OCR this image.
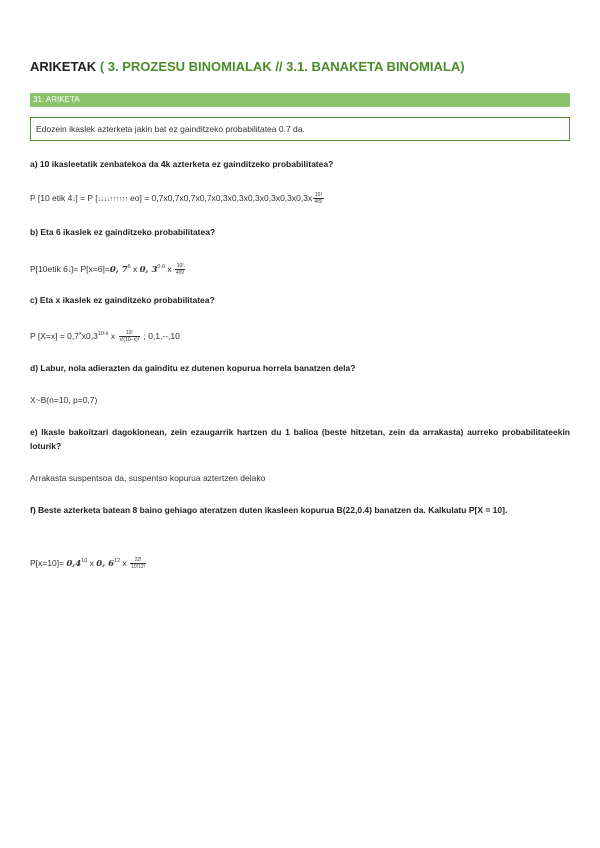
ARIKETAK ( 3. PROZESU BINOMIALAK // 3.1. BANAKETA BINOMIALA)
31. ARIKETA
Edozein ikaslek azterketa jakin bat ez gainditzeko probabilitatea 0.7 da.
a) 10 ikasleetatik zenbatekoa da 4k azterketa ez gainditzeko probabilitatea?
P [10 etik 4↓] = P [↓↓↓↓↑↑↑↑↑↑ $eo] = 0,7x0,7x0,7x0,7x0,3x0,3x0,3x0,3x0,3x0,3x \frac{10!}{4!6!}$
b) Eta 6 ikaslek ez gainditzeko probabilitatea?
P[10etik 6↓]= P[x=6]=0, $7^6$ x 0, 3$^{0,6}$ x $\frac{10!}{4!6!}$
c) Eta x ikaslek ez gainditzeko probabilitatea?
P $[X=x] = 0,7^xx0,3^{10-x}$ x $\frac{10!}{x!(10-x)!}$ ; 0,1,--,10
d) Labur, nola adierazten da gainditu ez dutenen kopurua horrela banatzen dela?
X~B(n=10, p=0,7)
e) Ikasle bakoitzari dagokionean, zein ezaugarrik hartzen du 1 balioa (beste hitzetan, zein da arrakasta) aurreko probabilitateekin loturik?
Arrakasta suspentsoa da, suspentso kopurua aztertzen delako
f) Beste azterketa batean 8 baino gehiago ateratzen duten ikasleen kopurua B(22,0.4) banatzen da. Kalkulatu P[X = 10].
$P[x=10]= 0,4^{10}$ x 0, $6^{12}$ x $\frac{22!}{10!12!}$
